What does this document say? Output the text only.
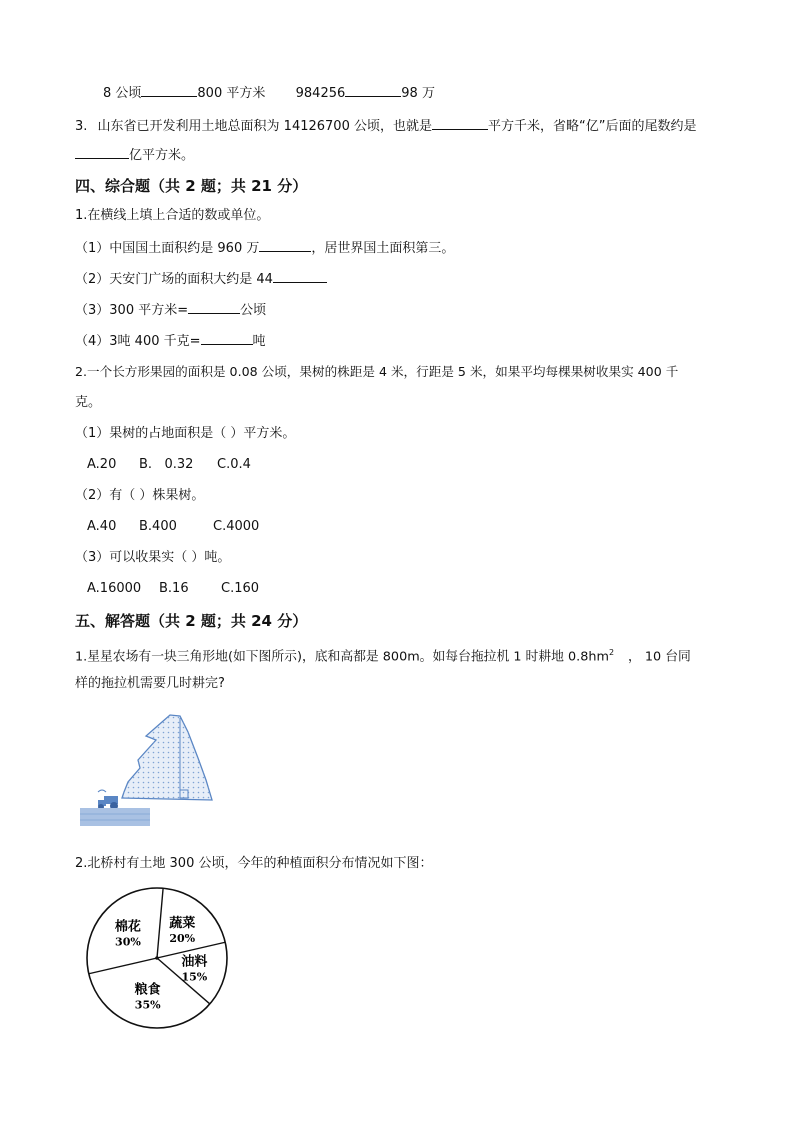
8 公顷	800 平方米 984256	98 万
3. 山东省已开发利用土地总面积为 14126700 公顷，也就是	平方千米，省略“亿”后面的尾数约是
亿平方米。
四、综合题（共 2 题；共 21 分）
1.在横线上填上合适的数或单位。
（1）中国国土面积约是 960 万	，居世界国土面积第三。
（2）天安门广场的面积大约是 44
（3）300 平方米=	公顷
（4）3吨 400 千克=	吨
2.一个长方形果园的面积是 0.08 公顷，果树的株距是 4 米，行距是 5 米，如果平均每棵果树收果实 400 千
克。
（1）果树的占地面积是（ ）平方米。
A.20 B.   0.32 C.0.4
（2）有（ ）株果树。
A.40 B.400	C.4000
（3）可以收果实（ ）吨。
A.16000 B.16 C.160
五、解答题（共 2 题；共 24 分）
1.星星农场有一块三角形地(如下图所示)，底和高都是 800m。如每台拖拉机 1 时耕地 $0.8hm^2$ ， 10 台同
样的拖拉机需要几时耕完?
2.北桥村有土地 300 公顷，今年的种植面积分布情况如下图：
蔬菜
20%
油料
15%
粮食
35%
棉花
30%
